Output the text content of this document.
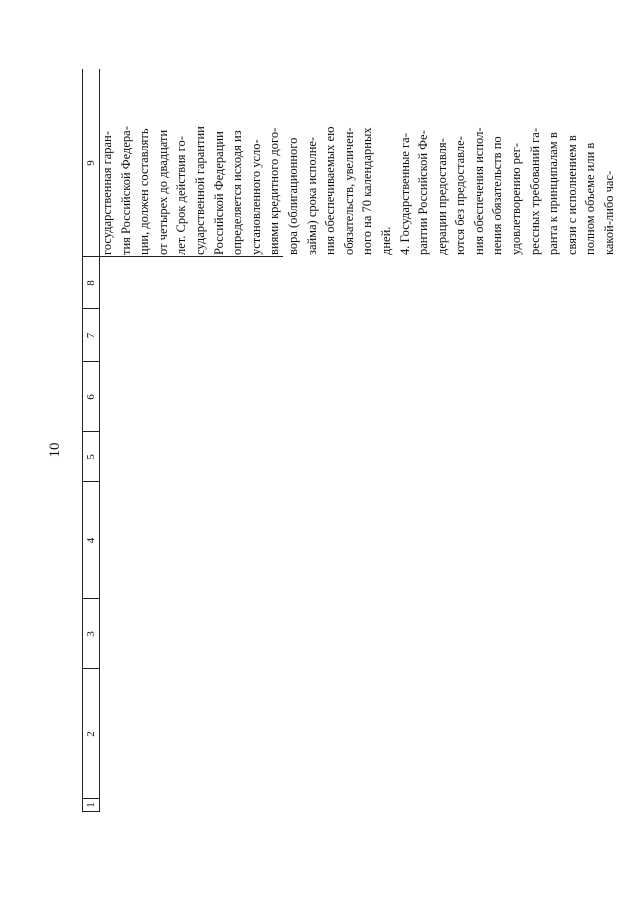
10
1
2
3
4
5
6
7
8
9 государственная гаран- тия Российской Федера- ции, должен составлять от четырех до двадцати лет. Срок действия го- сударственной гарантии Российской Федерации определяется исходя из установленного усло- виями кредитного дого- вора (облигационного займа) срока исполне- ния обеспечиваемых ею обязательств, увеличен- ного на 70 календарных дней. 4. Государственные га- рантии Российской Фе- дерации предоставля- ются без предоставле- ния обеспечения испол- нения обязательств по удовлетворению рег- рессных требований га- ранта к принципалам в связи с исполнением в полном объеме или в какой-либо час-
